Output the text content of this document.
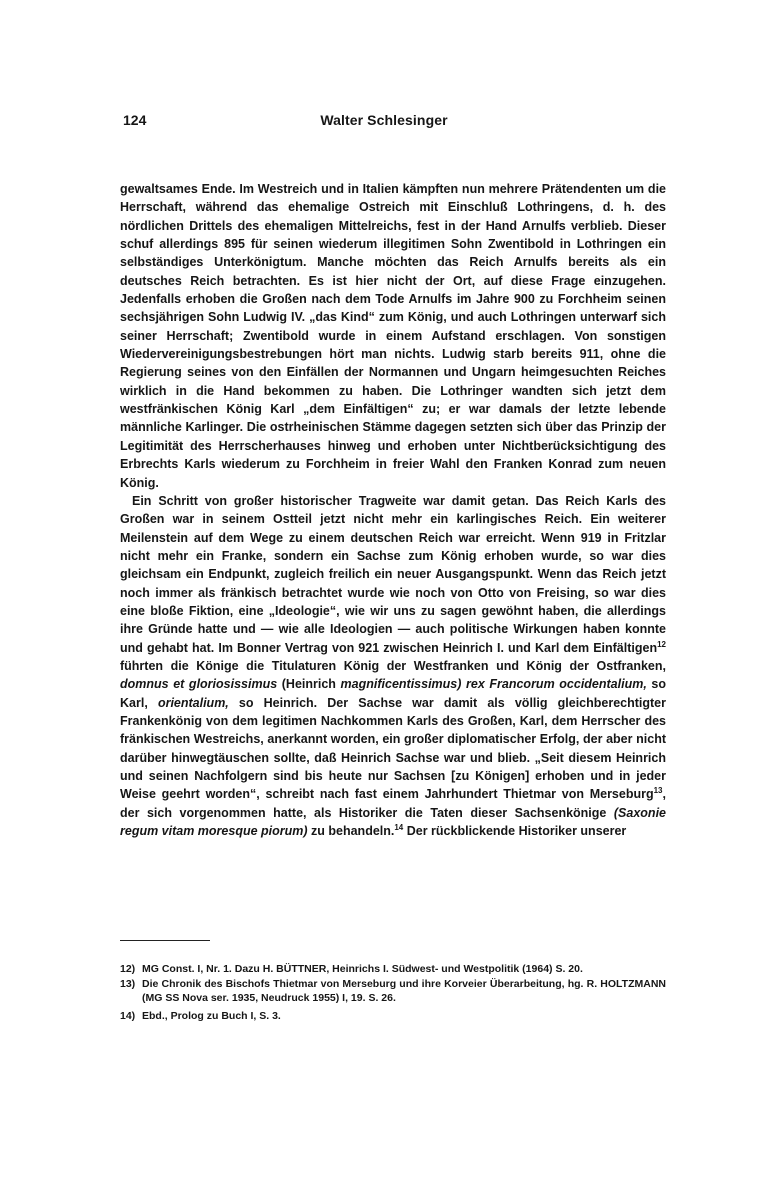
124	Walter Schlesinger

gewaltsames Ende. Im Westreich und in Italien kämpften nun mehrere Prätendenten um die Herrschaft, während das ehemalige Ostreich mit Einschluß Lothringens, d. h. des nördlichen Drittels des ehemaligen Mittelreichs, fest in der Hand Arnulfs verblieb. Dieser schuf allerdings 895 für seinen wiederum illegitimen Sohn Zwentibold in Lothringen ein selbständiges Unterkönigtum. Manche möchten das Reich Arnulfs bereits als ein deutsches Reich betrachten. Es ist hier nicht der Ort, auf diese Frage einzugehen. Jedenfalls erhoben die Großen nach dem Tode Arnulfs im Jahre 900 zu Forchheim seinen sechsjährigen Sohn Ludwig IV. „das Kind“ zum König, und auch Lothringen unterwarf sich seiner Herrschaft; Zwentibold wurde in einem Aufstand erschlagen. Von sonstigen Wiedervereinigungsbestrebungen hört man nichts. Ludwig starb bereits 911, ohne die Regierung seines von den Einfällen der Normannen und Ungarn heimgesuchten Reiches wirklich in die Hand bekommen zu haben. Die Lothringer wandten sich jetzt dem westfränkischen König Karl „dem Einfältigen“ zu; er war damals der letzte lebende männliche Karlinger. Die ostrheinischen Stämme dagegen setzten sich über das Prinzip der Legitimität des Herrscherhauses hinweg und erhoben unter Nichtberücksichtigung des Erbrechts Karls wiederum zu Forchheim in freier Wahl den Franken Konrad zum neuen König.

Ein Schritt von großer historischer Tragweite war damit getan. Das Reich Karls des Großen war in seinem Ostteil jetzt nicht mehr ein karlingisches Reich. Ein weiterer Meilenstein auf dem Wege zu einem deutschen Reich war erreicht. Wenn 919 in Fritzlar nicht mehr ein Franke, sondern ein Sachse zum König erhoben wurde, so war dies gleichsam ein Endpunkt, zugleich freilich ein neuer Ausgangspunkt. Wenn das Reich jetzt noch immer als fränkisch betrachtet wurde wie noch von Otto von Freising, so war dies eine bloße Fiktion, eine „Ideologie“, wie wir uns zu sagen gewöhnt haben, die allerdings ihre Gründe hatte und — wie alle Ideologien — auch politische Wirkungen haben konnte und gehabt hat. Im Bonner Vertrag von 921 zwischen Heinrich I. und Karl dem Einfältigen$^{12}$ führten die Könige die Titulaturen König der Westfranken und König der Ostfranken, domnus et gloriosissimus (Heinrich magnificentissimus) rex Francorum occidentalium, so Karl, orientalium, so Heinrich. Der Sachse war damit als völlig gleichberechtigter Frankenkönig von dem legitimen Nachkommen Karls des Großen, Karl, dem Herrscher des fränkischen Westreichs, anerkannt worden, ein großer diplomatischer Erfolg, der aber nicht darüber hinwegtäuschen sollte, daß Heinrich Sachse war und blieb. „Seit diesem Heinrich und seinen Nachfolgern sind bis heute nur Sachsen [zu Königen] erhoben und in jeder Weise geehrt worden“, schreibt nach fast einem Jahrhundert Thietmar von Merseburg$^{13}$, der sich vorgenommen hatte, als Historiker die Taten dieser Sachsenkönige (Saxonie regum vitam moresque piorum) zu behandeln.$^{14}$ Der rückblickende Historiker unserer

12) MG Const. I, Nr. 1. Dazu H. BÜTTNER, Heinrichs I. Südwest- und Westpolitik (1964) S. 20.
13) Die Chronik des Bischofs Thietmar von Merseburg und ihre Korveier Überarbeitung, hg. R. HOLTZMANN (MG SS Nova ser. 1935, Neudruck 1955) I, 19. S. 26.
14) Ebd., Prolog zu Buch I, S. 3.
